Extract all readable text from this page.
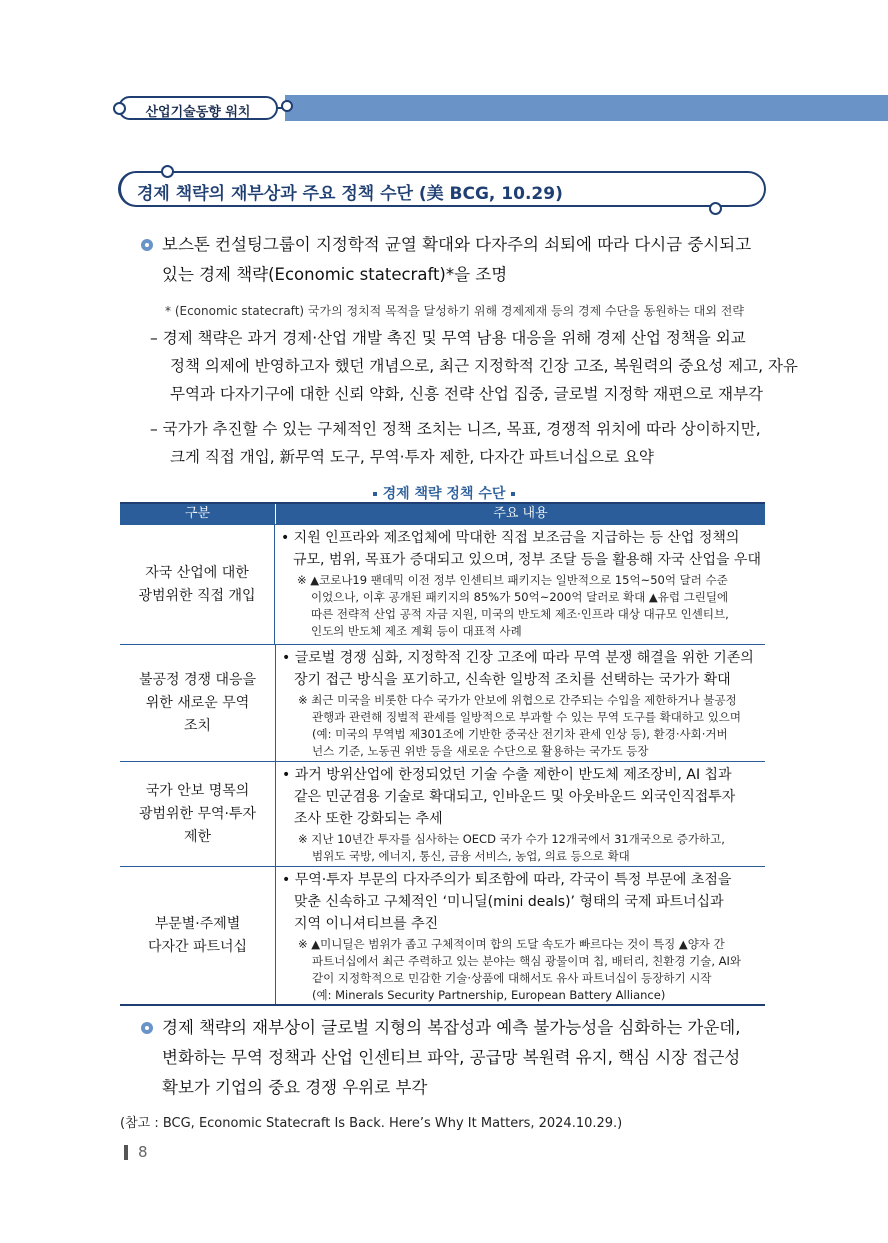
산업기술동향 워치
경제 책략의 재부상과 주요 정책 수단 (美 BCG, 10.29)
보스톤 컨설팅그룹이 지정학적 균열 확대와 다자주의 쇠퇴에 따라 다시금 중시되고
있는 경제 책략(Economic statecraft)*을 조명
* (Economic statecraft) 국가의 정치적 목적을 달성하기 위해 경제제재 등의 경제 수단을 동원하는 대외 전략
– 경제 책략은 과거 경제·산업 개발 촉진 및 무역 남용 대응을 위해 경제 산업 정책을 외교
정책 의제에 반영하고자 했던 개념으로, 최근 지정학적 긴장 고조, 복원력의 중요성 제고, 자유
무역과 다자기구에 대한 신뢰 약화, 신흥 전략 산업 집중, 글로벌 지정학 재편으로 재부각
– 국가가 추진할 수 있는 구체적인 정책 조치는 니즈, 목표, 경쟁적 위치에 따라 상이하지만,
크게 직접 개입, 新무역 도구, 무역·투자 제한, 다자간 파트너십으로 요약
경제 책략 정책 수단
구분	주요 내용
자국 산업에 대한
광범위한 직접 개입
• 지원 인프라와 제조업체에 막대한 직접 보조금을 지급하는 등 산업 정책의
규모, 범위, 목표가 증대되고 있으며, 정부 조달 등을 활용해 자국 산업을 우대
※ ▲코로나19 팬데믹 이전 정부 인센티브 패키지는 일반적으로 15억~50억 달러 수준
이었으나, 이후 공개된 패키지의 85%가 50억~200억 달러로 확대 ▲유럽 그린딜에
따른 전략적 산업 공적 자금 지원, 미국의 반도체 제조·인프라 대상 대규모 인센티브,
인도의 반도체 제조 계획 등이 대표적 사례
불공정 경쟁 대응을
위한 새로운 무역
조치
• 글로벌 경쟁 심화, 지정학적 긴장 고조에 따라 무역 분쟁 해결을 위한 기존의
장기 접근 방식을 포기하고, 신속한 일방적 조치를 선택하는 국가가 확대
※ 최근 미국을 비롯한 다수 국가가 안보에 위협으로 간주되는 수입을 제한하거나 불공정
관행과 관련해 징벌적 관세를 일방적으로 부과할 수 있는 무역 도구를 확대하고 있으며
(예: 미국의 무역법 제301조에 기반한 중국산 전기차 관세 인상 등), 환경·사회·거버
넌스 기준, 노동권 위반 등을 새로운 수단으로 활용하는 국가도 등장
국가 안보 명목의
광범위한 무역·투자
제한
• 과거 방위산업에 한정되었던 기술 수출 제한이 반도체 제조장비, AI 칩과
같은 민군겸용 기술로 확대되고, 인바운드 및 아웃바운드 외국인직접투자
조사 또한 강화되는 추세
※ 지난 10년간 투자를 심사하는 OECD 국가 수가 12개국에서 31개국으로 증가하고,
범위도 국방, 에너지, 통신, 금융 서비스, 농업, 의료 등으로 확대
부문별·주제별
다자간 파트너십
• 무역·투자 부문의 다자주의가 퇴조함에 따라, 각국이 특정 부문에 초점을
맞춘 신속하고 구체적인 ‘미니딜(mini deals)’ 형태의 국제 파트너십과
지역 이니셔티브를 추진
※ ▲미니딜은 범위가 좁고 구체적이며 합의 도달 속도가 빠르다는 것이 특징 ▲양자 간
파트너십에서 최근 주력하고 있는 분야는 핵심 광물이며 칩, 배터리, 친환경 기술, AI와
같이 지정학적으로 민감한 기술·상품에 대해서도 유사 파트너십이 등장하기 시작
(예: Minerals Security Partnership, European Battery Alliance)
경제 책략의 재부상이 글로벌 지형의 복잡성과 예측 불가능성을 심화하는 가운데,
변화하는 무역 정책과 산업 인센티브 파악, 공급망 복원력 유지, 핵심 시장 접근성
확보가 기업의 중요 경쟁 우위로 부각
(참고 : BCG, Economic Statecraft Is Back. Here’s Why It Matters, 2024.10.29.)
8
